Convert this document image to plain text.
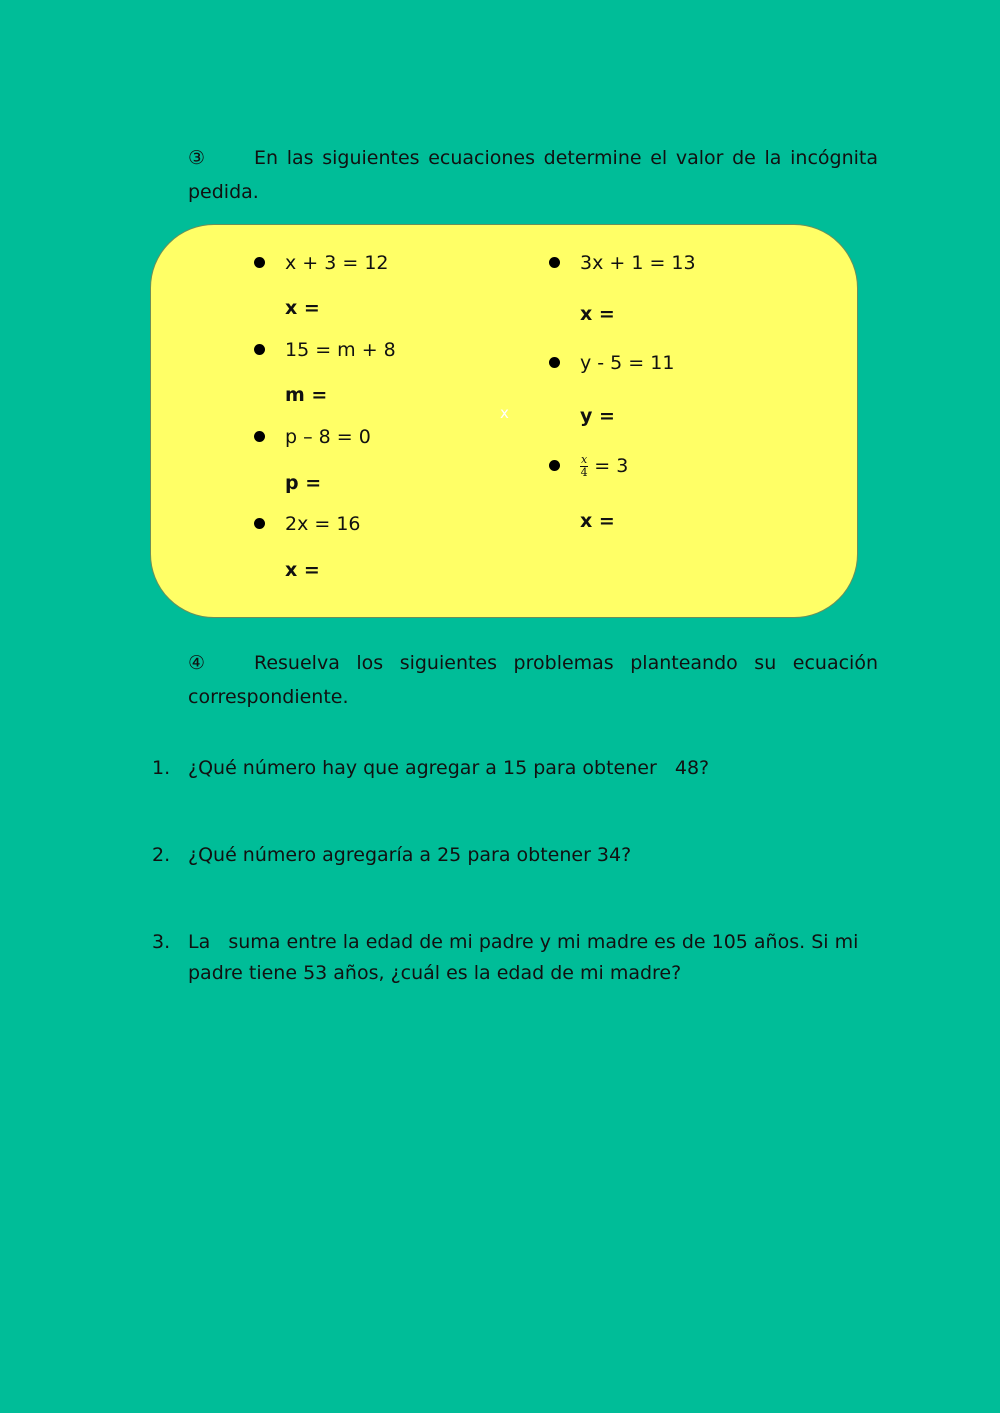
③	En las siguientes ecuaciones determine el valor de la incógnita pedida.
x + 3 = 12
x =
15 = m + 8
m =
p – 8 = 0
p =
2x = 16
x =
x
3x + 1 = 13
x =
y - 5 = 11
y =
$\frac{x}{4} = 3$
x =
④	Resuelva los siguientes problemas planteando su ecuación correspondiente.
1. ¿Qué número hay que agregar a 15 para obtener   48?
2. ¿Qué número agregaría a 25 para obtener 34?
3. La   suma entre la edad de mi padre y mi madre es de 105 años. Si mi padre tiene 53 años, ¿cuál es la edad de mi madre?
